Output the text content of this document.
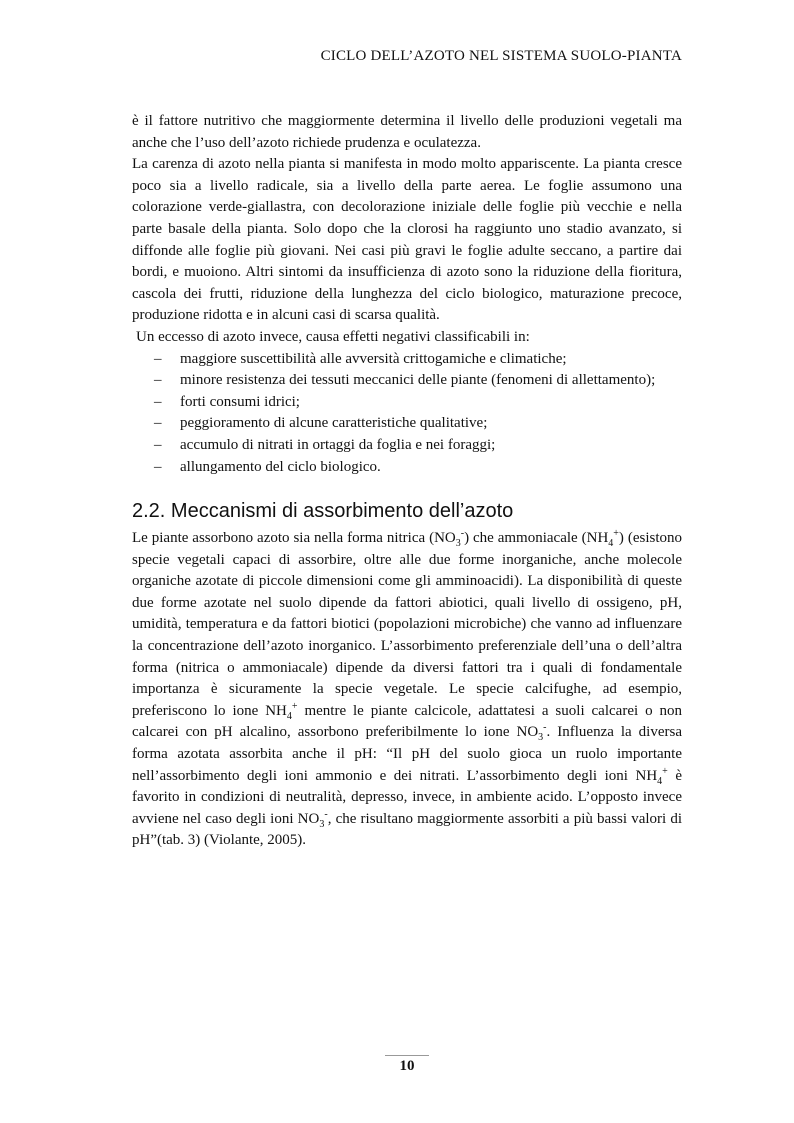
CICLO DELL’AZOTO NEL SISTEMA SUOLO-PIANTA

è il fattore nutritivo che maggiormente determina il livello delle produzioni vegetali ma anche che l’uso dell’azoto richiede prudenza e oculatezza.

La carenza di azoto nella pianta si manifesta in modo molto appariscente. La pianta cresce poco sia a livello radicale, sia a livello della parte aerea. Le foglie assumono una colorazione verde-giallastra, con decolorazione iniziale delle foglie più vecchie e nella parte basale della pianta. Solo dopo che la clorosi ha raggiunto uno stadio avanzato, si diffonde alle foglie più giovani. Nei casi più gravi le foglie adulte seccano, a partire dai bordi, e muoiono. Altri sintomi da insufficienza di azoto sono la riduzione della fioritura, cascola dei frutti, riduzione della lunghezza del ciclo biologico, maturazione precoce, produzione ridotta e in alcuni casi di scarsa qualità.

Un eccesso di azoto invece, causa effetti negativi classificabili in:

– maggiore suscettibilità alle avversità crittogamiche e climatiche;
– minore resistenza dei tessuti meccanici delle piante (fenomeni di allettamento);
– forti consumi idrici;
– peggioramento di alcune caratteristiche qualitative;
– accumulo di nitrati in ortaggi da foglia e nei foraggi;
– allungamento del ciclo biologico.
2.2. Meccanismi di assorbimento dell’azoto

Le piante assorbono azoto sia nella forma nitrica $(NO_3^-)$ che ammoniacale $(NH_4^+)$ (esistono specie vegetali capaci di assorbire, oltre alle due forme inorganiche, anche molecole organiche azotate di piccole dimensioni come gli amminoacidi). La disponibilità di queste due forme azotate nel suolo dipende da fattori abiotici, quali livello di ossigeno, pH, umidità, temperatura e da fattori biotici (popolazioni microbiche) che vanno ad influenzare la concentrazione dell’azoto inorganico. L’assorbimento preferenziale dell’una o dell’altra forma (nitrica o ammoniacale) dipende da diversi fattori tra i quali di fondamentale importanza è sicuramente la specie vegetale. Le specie calcifughe, ad esempio, preferiscono lo ione $NH_4^+$ mentre le piante calcicole, adattatesi a suoli calcarei o non calcarei con pH alcalino, assorbono preferibilmente lo ione $NO_3^-$. Influenza la diversa forma azotata assorbita anche il pH: “Il pH del suolo gioca un ruolo importante nell’assorbimento degli ioni ammonio e dei nitrati. L’assorbimento degli ioni $NH_4^+$ è favorito in condizioni di neutralità, depresso, invece, in ambiente acido. L’opposto invece avviene nel caso degli ioni $NO_3^-$, che risultano maggiormente assorbiti a più bassi valori di pH”(tab. 3) (Violante, 2005).

10
